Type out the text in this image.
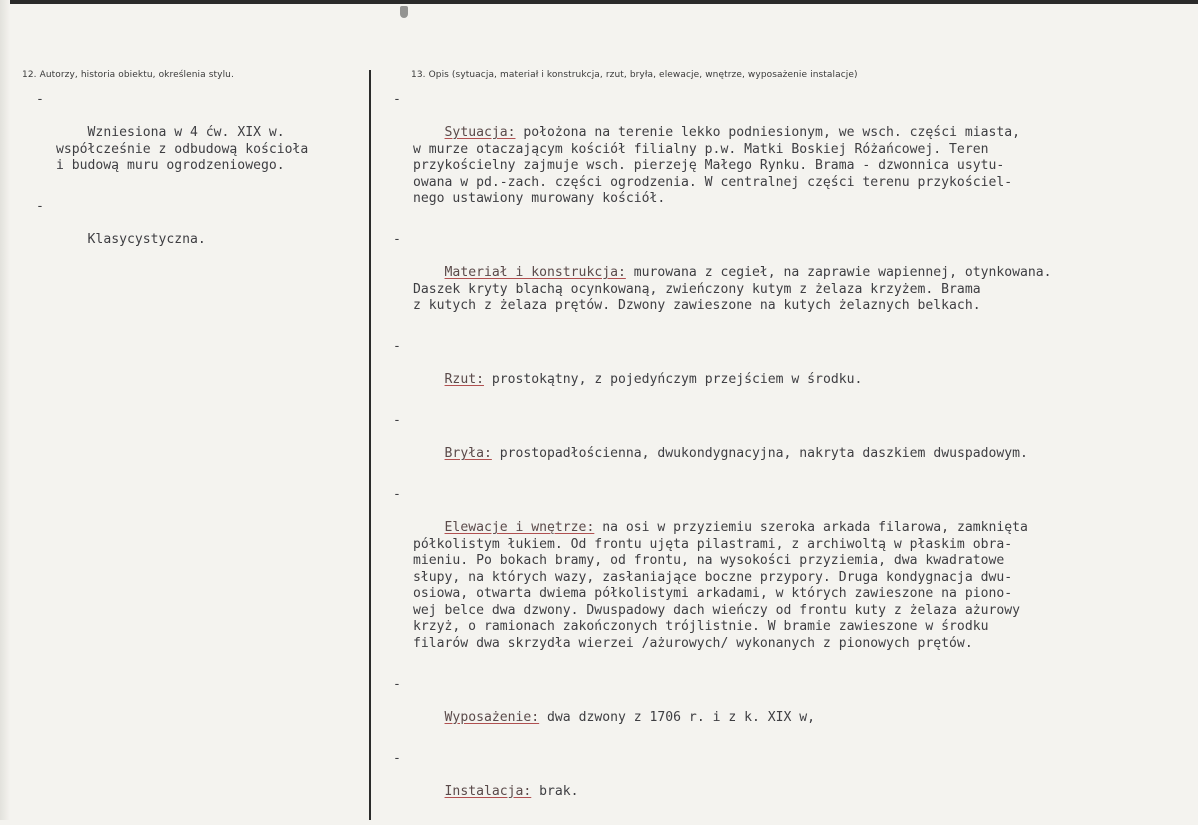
12. Autorzy, historia obiektu, określenia stylu.	13. Opis (sytuacja, materiał i konstrukcja, rzut, bryła, elewacje, wnętrze, wyposażenie instalacje)

-

Wzniesiona w 4 ćw. XIX w.
współcześnie z odbudową kościoła
i budową muru ogrodzeniowego.

-

Klasycystyczna.

-

Sytuacja: położona na terenie lekko podniesionym, we wsch. części miasta,
w murze otaczającym kościół filialny p.w. Matki Boskiej Różańcowej. Teren
przykościelny zajmuje wsch. pierzeję Małego Rynku. Brama - dzwonnica usytu-
owana w pd.-zach. części ogrodzenia. W centralnej części terenu przykościel-
nego ustawiony murowany kościół.

-

Materiał i konstrukcja: murowana z cegieł, na zaprawie wapiennej, otynkowana.
Daszek kryty blachą ocynkowaną, zwieńczony kutym z żelaza krzyżem. Brama
z kutych z żelaza prętów. Dzwony zawieszone na kutych żelaznych belkach.

-

Rzut: prostokątny, z pojedyńczym przejściem w środku.

-

Bryła: prostopadłościenna, dwukondygnacyjna, nakryta daszkiem dwuspadowym.

-

Elewacje i wnętrze: na osi w przyziemiu szeroka arkada filarowa, zamknięta
półkolistym łukiem. Od frontu ujęta pilastrami, z archiwoltą w płaskim obra-
mieniu. Po bokach bramy, od frontu, na wysokości przyziemia, dwa kwadratowe
słupy, na których wazy, zasłaniające boczne przypory. Druga kondygnacja dwu-
osiowa, otwarta dwiema półkolistymi arkadami, w których zawieszone na piono-
wej belce dwa dzwony. Dwuspadowy dach wieńczy od frontu kuty z żelaza ażurowy
krzyż, o ramionach zakończonych trójlistnie. W bramie zawieszone w środku
filarów dwa skrzydła wierzei /ażurowych/ wykonanych z pionowych prętów.

-

Wyposażenie: dwa dzwony z 1706 r. i z k. XIX w,

-

Instalacja: brak.
